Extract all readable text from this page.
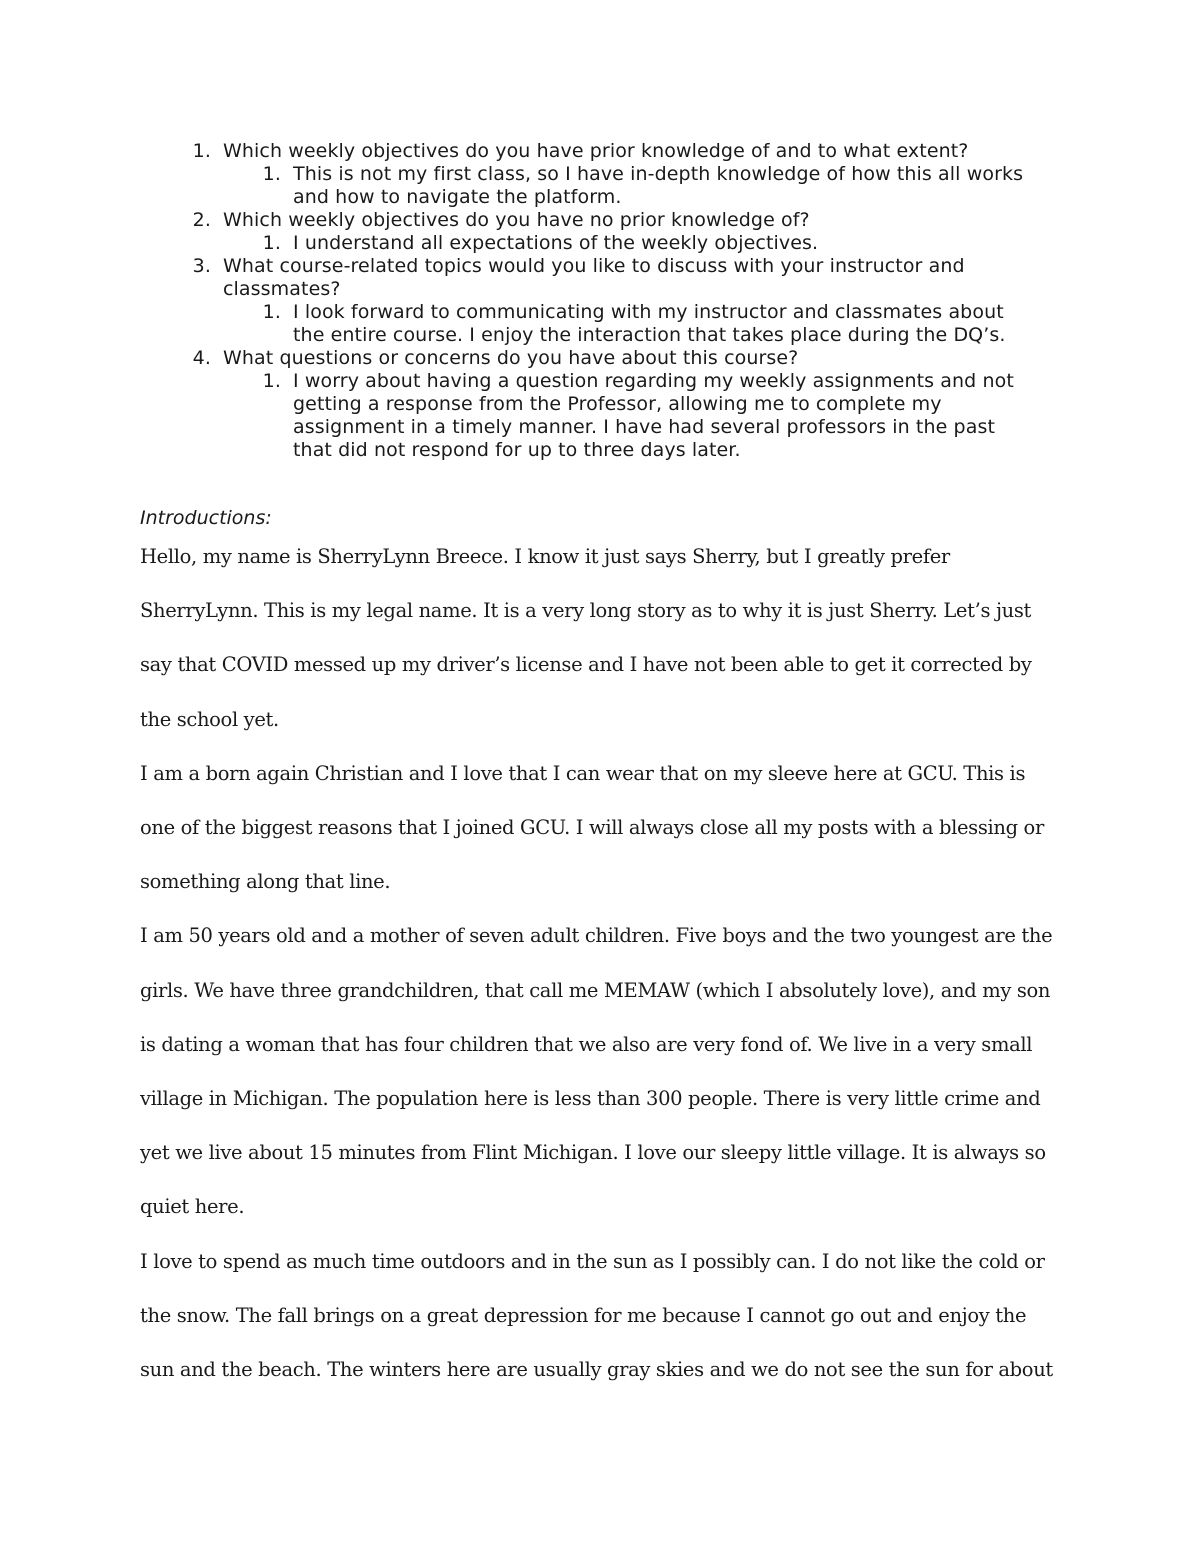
1. Which weekly objectives do you have prior knowledge of and to what extent?
1. This is not my first class, so I have in-depth knowledge of how this all works and how to navigate the platform.
2. Which weekly objectives do you have no prior knowledge of?
1. I understand all expectations of the weekly objectives.
3. What course-related topics would you like to discuss with your instructor and classmates?
1. I look forward to communicating with my instructor and classmates about the entire course. I enjoy the interaction that takes place during the DQ’s.
4. What questions or concerns do you have about this course?
1. I worry about having a question regarding my weekly assignments and not getting a response from the Professor, allowing me to complete my assignment in a timely manner. I have had several professors in the past that did not respond for up to three days later.
Introductions:

Hello, my name is SherryLynn Breece. I know it just says Sherry, but I greatly prefer SherryLynn. This is my legal name. It is a very long story as to why it is just Sherry. Let’s just say that COVID messed up my driver’s license and I have not been able to get it corrected by the school yet.

I am a born again Christian and I love that I can wear that on my sleeve here at GCU. This is one of the biggest reasons that I joined GCU. I will always close all my posts with a blessing or something along that line.

I am 50 years old and a mother of seven adult children. Five boys and the two youngest are the girls. We have three grandchildren, that call me MEMAW (which I absolutely love), and my son is dating a woman that has four children that we also are very fond of. We live in a very small village in Michigan. The population here is less than 300 people. There is very little crime and yet we live about 15 minutes from Flint Michigan. I love our sleepy little village. It is always so quiet here.

I love to spend as much time outdoors and in the sun as I possibly can. I do not like the cold or the snow. The fall brings on a great depression for me because I cannot go out and enjoy the sun and the beach. The winters here are usually gray skies and we do not see the sun for about
